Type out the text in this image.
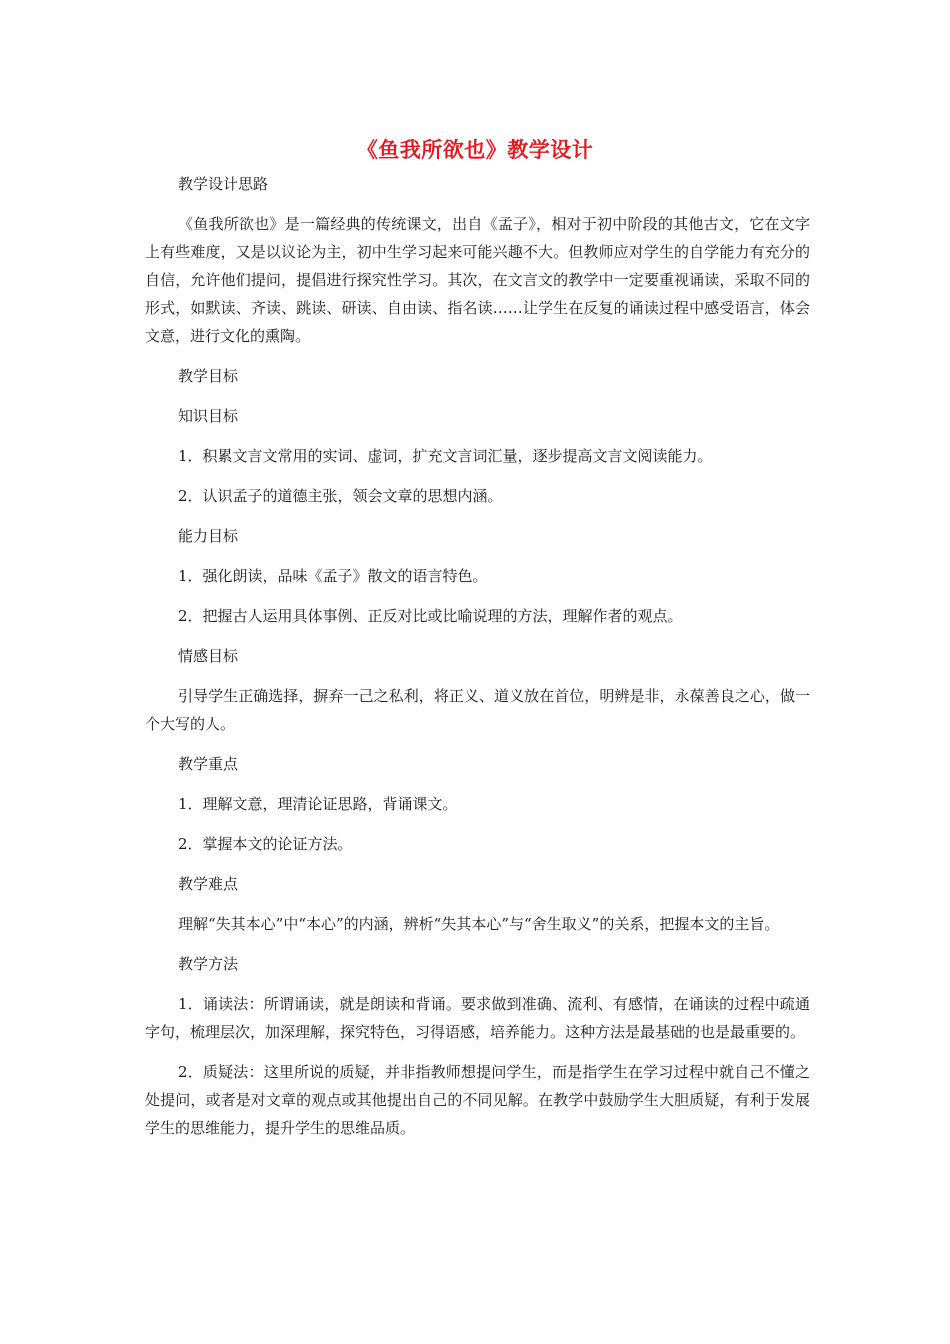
《鱼我所欲也》教学设计

教学设计思路

《鱼我所欲也》是一篇经典的传统课文，出自《孟子》，相对于初中阶段的其他古文，它在文字上有些难度，又是以议论为主，初中生学习起来可能兴趣不大。但教师应对学生的自学能力有充分的自信，允许他们提问，提倡进行探究性学习。其次，在文言文的教学中一定要重视诵读，采取不同的形式，如默读、齐读、跳读、研读、自由读、指名读……让学生在反复的诵读过程中感受语言，体会文意，进行文化的熏陶。

教学目标

知识目标

1．积累文言文常用的实词、虚词，扩充文言词汇量，逐步提高文言文阅读能力。

2．认识孟子的道德主张，领会文章的思想内涵。

能力目标

1．强化朗读，品味《孟子》散文的语言特色。

2．把握古人运用具体事例、正反对比或比喻说理的方法，理解作者的观点。

情感目标

引导学生正确选择，摒弃一己之私利，将正义、道义放在首位，明辨是非，永葆善良之心，做一个大写的人。

教学重点

1．理解文意，理清论证思路，背诵课文。

2．掌握本文的论证方法。

教学难点

理解“失其本心”中“本心”的内涵，辨析“失其本心”与“舍生取义”的关系，把握本文的主旨。

教学方法

1．诵读法：所谓诵读，就是朗读和背诵。要求做到准确、流利、有感情，在诵读的过程中疏通字句，梳理层次，加深理解，探究特色，习得语感，培养能力。这种方法是最基础的也是最重要的。

2．质疑法：这里所说的质疑，并非指教师想提问学生，而是指学生在学习过程中就自己不懂之处提问，或者是对文章的观点或其他提出自己的不同见解。在教学中鼓励学生大胆质疑，有利于发展学生的思维能力，提升学生的思维品质。
